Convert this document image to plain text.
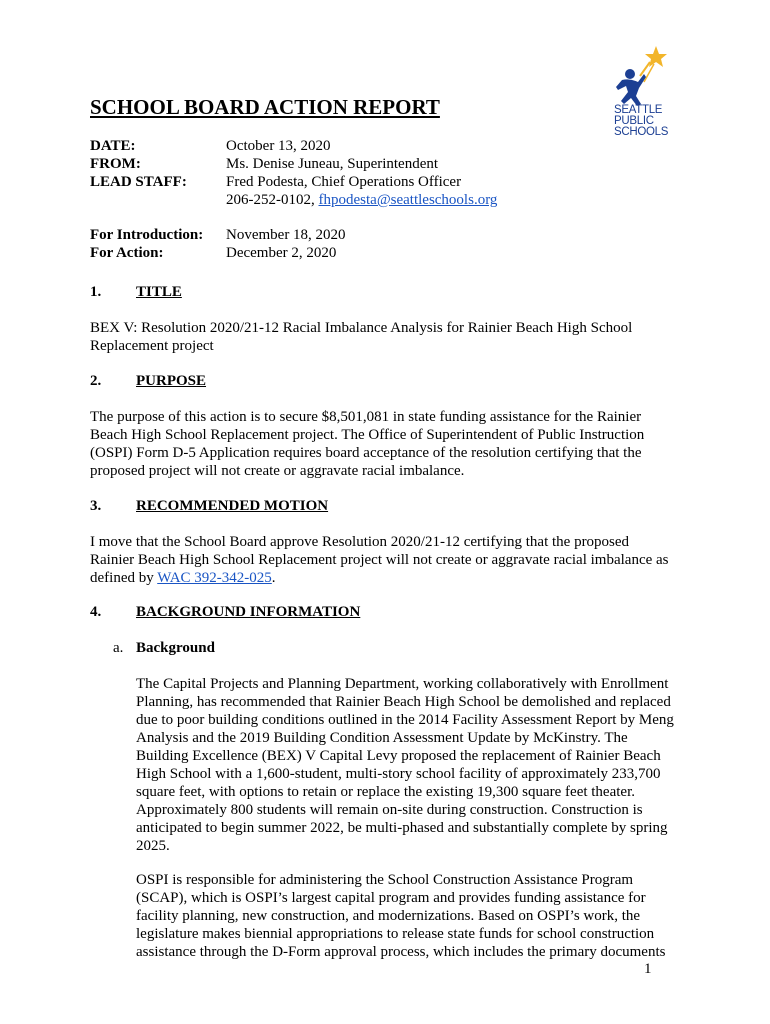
SEATTLE
PUBLIC
SCHOOLS
SCHOOL BOARD ACTION REPORT
DATE:	October 13, 2020
FROM:	Ms. Denise Juneau, Superintendent
LEAD STAFF:	Fred Podesta, Chief Operations Officer
206-252-0102, fhpodesta@seattleschools.org
For Introduction: November 18, 2020
For Action:	December 2, 2020
1. TITLE
BEX V: Resolution 2020/21-12 Racial Imbalance Analysis for Rainier Beach High School
Replacement project
2. PURPOSE
The purpose of this action is to secure $8,501,081 in state funding assistance for the Rainier
Beach High School Replacement project. The Office of Superintendent of Public Instruction
(OSPI) Form D-5 Application requires board acceptance of the resolution certifying that the
proposed project will not create or aggravate racial imbalance.
3. RECOMMENDED MOTION
I move that the School Board approve Resolution 2020/21-12 certifying that the proposed
Rainier Beach High School Replacement project will not create or aggravate racial imbalance as
defined by WAC 392-342-025.
4. BACKGROUND INFORMATION
a. Background
The Capital Projects and Planning Department, working collaboratively with Enrollment
Planning, has recommended that Rainier Beach High School be demolished and replaced
due to poor building conditions outlined in the 2014 Facility Assessment Report by Meng
Analysis and the 2019 Building Condition Assessment Update by McKinstry. The
Building Excellence (BEX) V Capital Levy proposed the replacement of Rainier Beach
High School with a 1,600-student, multi-story school facility of approximately 233,700
square feet, with options to retain or replace the existing 19,300 square feet theater.
Approximately 800 students will remain on-site during construction. Construction is
anticipated to begin summer 2022, be multi-phased and substantially complete by spring
2025.
OSPI is responsible for administering the School Construction Assistance Program
(SCAP), which is OSPI’s largest capital program and provides funding assistance for
facility planning, new construction, and modernizations. Based on OSPI’s work, the
legislature makes biennial appropriations to release state funds for school construction
assistance through the D-Form approval process, which includes the primary documents
1
